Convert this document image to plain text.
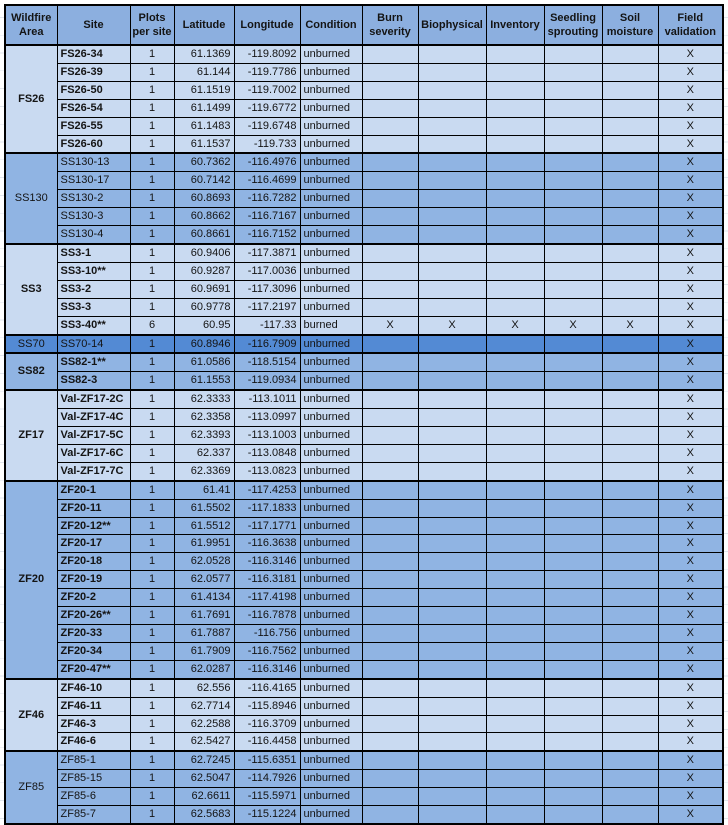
Wildfire Area	Site	Plots per site	Latitude	Longitude	Condition	Burn severity	Biophysical	Inventory	Seedling sprouting	Soil moisture	Field validation
FS26	FS26-34	1	61.1369	-119.8092	unburned						X
	FS26-39	1	61.144	-119.7786	unburned						X
	FS26-50	1	61.1519	-119.7002	unburned						X
	FS26-54	1	61.1499	-119.6772	unburned						X
	FS26-55	1	61.1483	-119.6748	unburned						X
	FS26-60	1	61.1537	-119.733	unburned						X
SS130	SS130-13	1	60.7362	-116.4976	unburned						X
	SS130-17	1	60.7142	-116.4699	unburned						X
	SS130-2	1	60.8693	-116.7282	unburned						X
	SS130-3	1	60.8662	-116.7167	unburned						X
	SS130-4	1	60.8661	-116.7152	unburned						X
SS3	SS3-1	1	60.9406	-117.3871	unburned						X
	SS3-10**	1	60.9287	-117.0036	unburned						X
	SS3-2	1	60.9691	-117.3096	unburned						X
	SS3-3	1	60.9778	-117.2197	unburned						X
	SS3-40**	6	60.95	-117.33	burned	X	X	X	X	X	X
SS70	SS70-14	1	60.8946	-116.7909	unburned						X
SS82	SS82-1**	1	61.0586	-118.5154	unburned						X
	SS82-3	1	61.1553	-119.0934	unburned						X
ZF17	Val-ZF17-2C	1	62.3333	-113.1011	unburned						X
	Val-ZF17-4C	1	62.3358	-113.0997	unburned						X
	Val-ZF17-5C	1	62.3393	-113.1003	unburned						X
	Val-ZF17-6C	1	62.337	-113.0848	unburned						X
	Val-ZF17-7C	1	62.3369	-113.0823	unburned						X
ZF20	ZF20-1	1	61.41	-117.4253	unburned						X
	ZF20-11	1	61.5502	-117.1833	unburned						X
	ZF20-12**	1	61.5512	-117.1771	unburned						X
	ZF20-17	1	61.9951	-116.3638	unburned						X
	ZF20-18	1	62.0528	-116.3146	unburned						X
	ZF20-19	1	62.0577	-116.3181	unburned						X
	ZF20-2	1	61.4134	-117.4198	unburned						X
	ZF20-26**	1	61.7691	-116.7878	unburned						X
	ZF20-33	1	61.7887	-116.756	unburned						X
	ZF20-34	1	61.7909	-116.7562	unburned						X
	ZF20-47**	1	62.0287	-116.3146	unburned						X
ZF46	ZF46-10	1	62.556	-116.4165	unburned						X
	ZF46-11	1	62.7714	-115.8946	unburned						X
	ZF46-3	1	62.2588	-116.3709	unburned						X
	ZF46-6	1	62.5427	-116.4458	unburned						X
ZF85	ZF85-1	1	62.7245	-115.6351	unburned						X
	ZF85-15	1	62.5047	-114.7926	unburned						X
	ZF85-6	1	62.6611	-115.5971	unburned						X
	ZF85-7	1	62.5683	-115.1224	unburned						X
